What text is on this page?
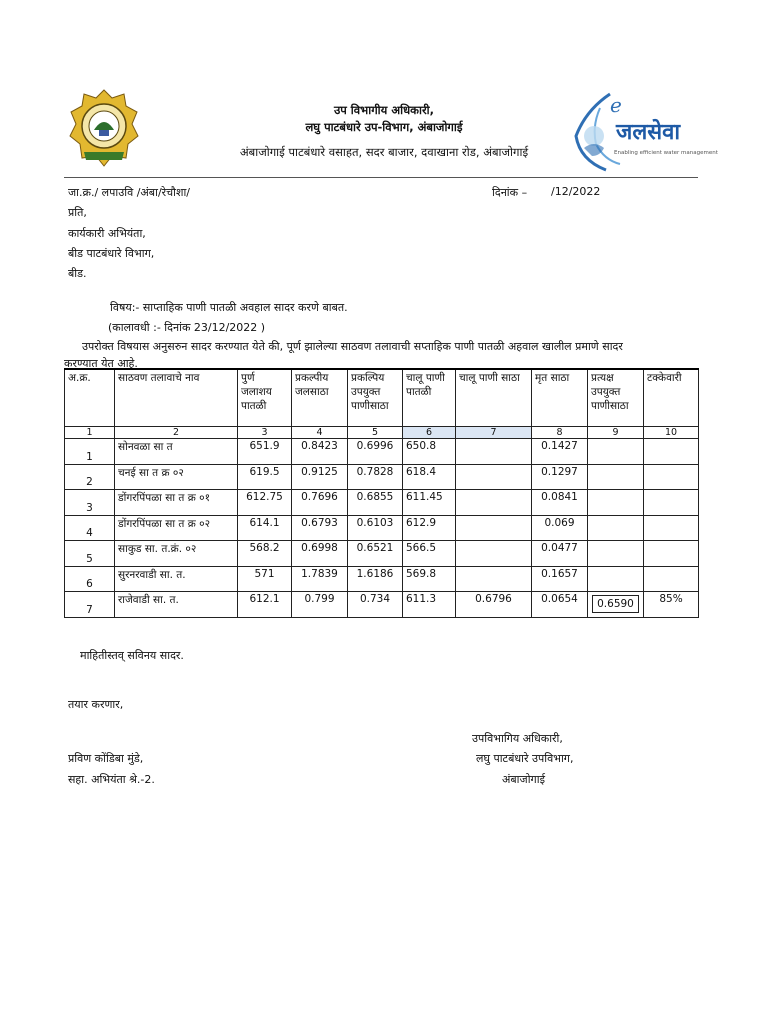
e
जलसेवा
Enabling efficient water management
उप विभागीय अधिकारी,
लघु पाटबंधारे उप-विभाग, अंबाजोगाई
अंबाजोगाई पाटबंधारे वसाहत, सदर बाजार, दवाखाना रोड, अंबाजोगाई
जा.क्र./ लपाउवि /अंबा/रेचौशा/	दिनांक – /12/2022
प्रति,
कार्यकारी अभियंता,
बीड पाटबंधारे विभाग,
बीड.
विषय:- साप्ताहिक पाणी पातळी अवहाल सादर करणे बाबत.
(कालावधी :- दिनांक 23/12/2022 )
उपरोक्त विषयास अनुसरुन सादर करण्यात येते की, पूर्ण झालेल्या साठवण तलावाची सप्ताहिक पाणी पातळी अहवाल खालील प्रमाणे सादर
करण्यात येत आहे.
अ.क्र.	साठवण तलावाचे नाव	पुर्ण जलाशय पातळी	प्रकल्पीय जलसाठा	प्रकल्पिय उपयुक्त पाणीसाठा	चालू पाणी पातळी	चालू पाणी साठा	मृत साठा	प्रत्यक्ष उपयुक्त पाणीसाठा	टक्केवारी
1	2	3	4	5	6	7	8	9	10
1	सोनवळा सा त	651.9	0.8423	0.6996	650.8		0.1427		
2	चनई सा त क्र ०२	619.5	0.9125	0.7828	618.4		0.1297		
3	डोंगरपिंपळा सा त क्र ०१	612.75	0.7696	0.6855	611.45		0.0841		
4	डोंगरपिंपळा सा त क्र ०२	614.1	0.6793	0.6103	612.9		0.069		
5	साकुड सा. त.क्रं. ०२	568.2	0.6998	0.6521	566.5		0.0477		
6	सुरनरवाडी सा. त.	571	1.7839	1.6186	569.8		0.1657		
7	राजेवाडी सा. त.	612.1	0.799	0.734	611.3	0.6796	0.0654	0.6590	85%
माहितीस्तव् सविनय सादर.
तयार करणार,
प्रविण कोंडिबा मुंडे,
सहा. अभियंता श्रे.-2.
उपविभागिय अधिकारी,
लघु पाटबंधारे उपविभाग,
अंबाजोगाई
